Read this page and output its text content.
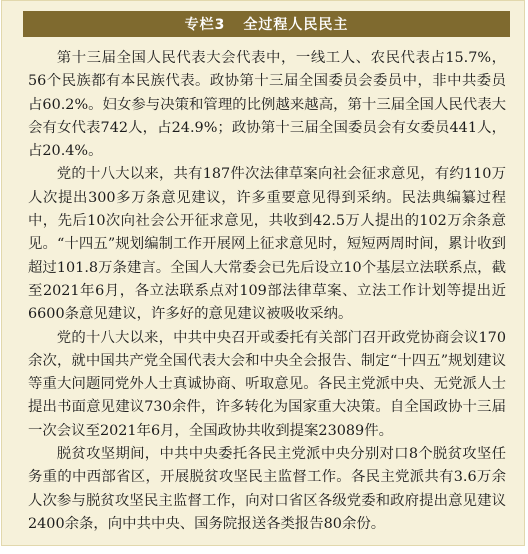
专栏3 全过程人民民主

第十三届全国人民代表大会代表中，一线工人、农民代表占15.7%，56个民族都有本民族代表。政协第十三届全国委员会委员中，非中共委员占60.2%。妇女参与决策和管理的比例越来越高，第十三届全国人民代表大会有女代表742人，占24.9%；政协第十三届全国委员会有女委员441人，占20.4%。

党的十八大以来，共有187件次法律草案向社会征求意见，有约110万人次提出300多万条意见建议，许多重要意见得到采纳。民法典编纂过程中，先后10次向社会公开征求意见，共收到42.5万人提出的102万余条意见。“十四五”规划编制工作开展网上征求意见时，短短两周时间，累计收到超过101.8万条建言。全国人大常委会已先后设立10个基层立法联系点，截至2021年6月，各立法联系点对109部法律草案、立法工作计划等提出近6600条意见建议，许多好的意见建议被吸收采纳。

党的十八大以来，中共中央召开或委托有关部门召开政党协商会议170余次，就中国共产党全国代表大会和中央全会报告、制定“十四五”规划建议等重大问题同党外人士真诚协商、听取意见。各民主党派中央、无党派人士提出书面意见建议730余件，许多转化为国家重大决策。自全国政协十三届一次会议至2021年6月，全国政协共收到提案23089件。

脱贫攻坚期间，中共中央委托各民主党派中央分别对口8个脱贫攻坚任务重的中西部省区，开展脱贫攻坚民主监督工作。各民主党派共有3.6万余人次参与脱贫攻坚民主监督工作，向对口省区各级党委和政府提出意见建议2400余条，向中共中央、国务院报送各类报告80余份。
